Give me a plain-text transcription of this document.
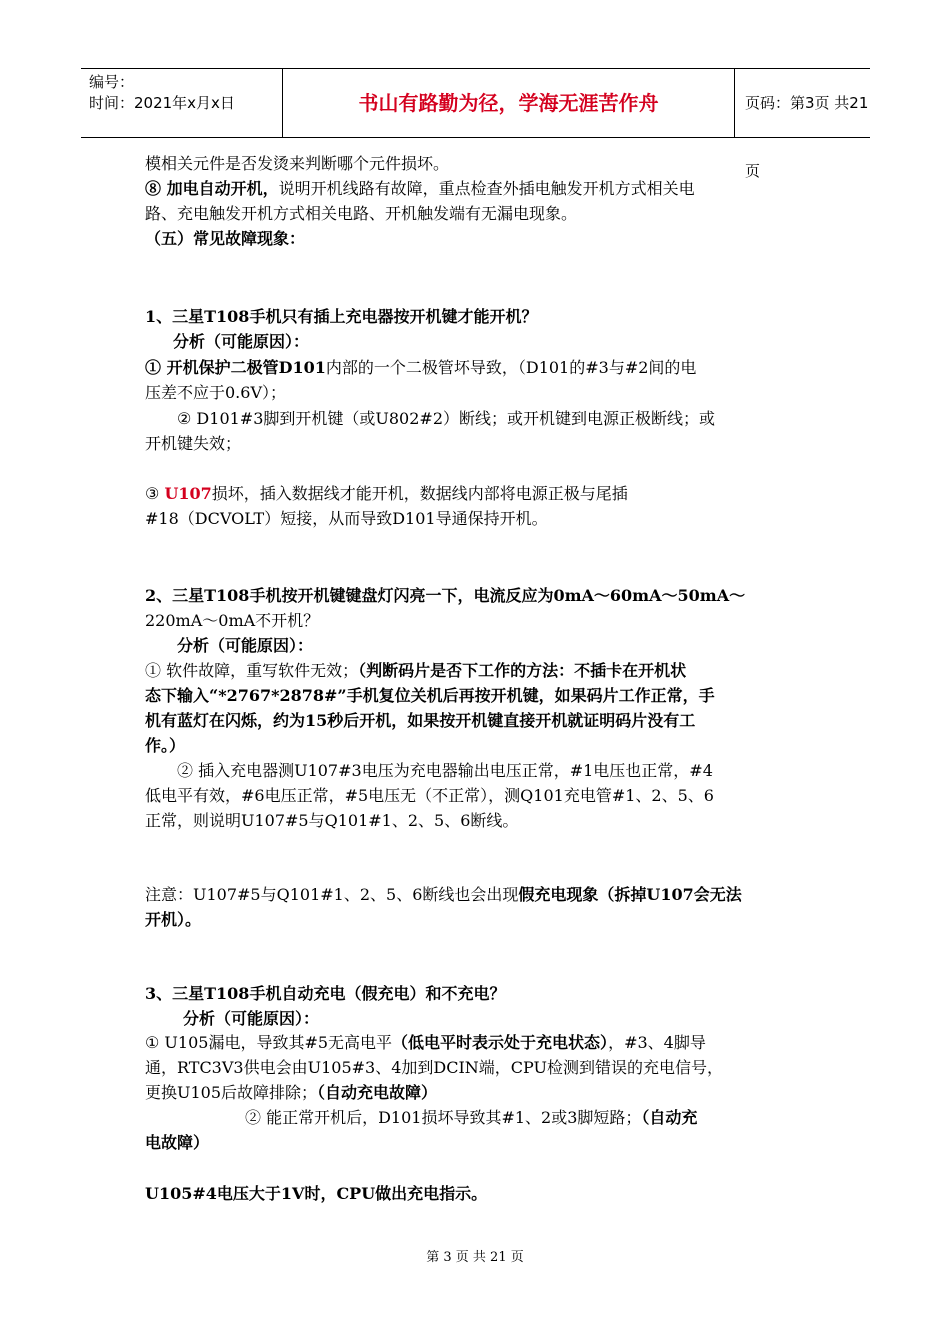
编号：
时间：2021年x月x日	书山有路勤为径，学海无涯苦作舟	页码：第3页 共21页
模相关元件是否发烫来判断哪个元件损坏。
⑧ 加电自动开机，说明开机线路有故障，重点检查外插电触发开机方式相关电
路、充电触发开机方式相关电路、开机触发端有无漏电现象。
（五）常见故障现象：
1、三星T108手机只有插上充电器按开机键才能开机？
分析（可能原因）：
① 开机保护二极管D101内部的一个二极管坏导致，（D101的#3与#2间的电
压差不应于0.6V）；
② D101#3脚到开机键（或U802#2）断线；或开机键到电源正极断线；或
开机键失效；
③ U107损坏，插入数据线才能开机，数据线内部将电源正极与尾插
#18（DCVOLT）短接，从而导致D101导通保持开机。
2、三星T108手机按开机键键盘灯闪亮一下，电流反应为0mA～60mA～50mA～
220mA～0mA不开机？
分析（可能原因）：
① 软件故障，重写软件无效；（判断码片是否下工作的方法：不插卡在开机状
态下输入“*2767*2878#”手机复位关机后再按开机键，如果码片工作正常，手
机有蓝灯在闪烁，约为15秒后开机，如果按开机键直接开机就证明码片没有工
作。）
② 插入充电器测U107#3电压为充电器输出电压正常，#1电压也正常，#4
低电平有效，#6电压正常，#5电压无（不正常），测Q101充电管#1、2、5、6
正常，则说明U107#5与Q101#1、2、5、6断线。
注意：U107#5与Q101#1、2、5、6断线也会出现假充电现象（拆掉U107会无法
开机）。
3、三星T108手机自动充电（假充电）和不充电？
分析（可能原因）：
① U105漏电，导致其#5无高电平（低电平时表示处于充电状态），#3、4脚导
通，RTC3V3供电会由U105#3、4加到DCIN端，CPU检测到错误的充电信号，
更换U105后故障排除；（自动充电故障）
② 能正常开机后，D101损坏导致其#1、2或3脚短路；（自动充
电故障）
U105#4电压大于1V时，CPU做出充电指示。
第 3 页 共 21 页
